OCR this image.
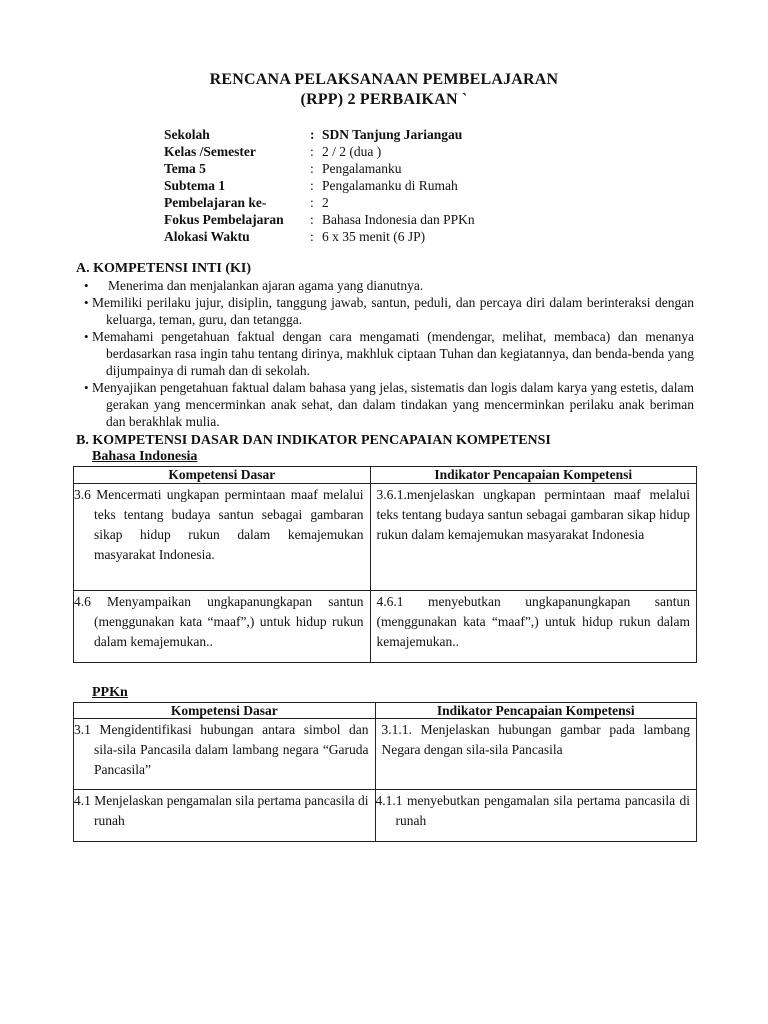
RENCANA PELAKSANAAN PEMBELAJARAN
(RPP) 2 PERBAIKAN `
Sekolah	:	SDN Tanjung Jariangau
Kelas /Semester	:	2 / 2 (dua )
Tema 5	:	Pengalamanku
Subtema 1	:	Pengalamanku di Rumah
Pembelajaran ke-	:	2
Fokus Pembelajaran	:	Bahasa Indonesia dan PPKn
Alokasi Waktu	:	6 x 35 menit (6 JP)
A. KOMPETENSI INTI (KI)
•	Menerima dan menjalankan ajaran agama yang dianutnya.
• Memiliki perilaku jujur, disiplin, tanggung jawab, santun, peduli, dan percaya diri dalam berinteraksi dengan keluarga, teman, guru, dan tetangga.
• Memahami pengetahuan faktual dengan cara mengamati (mendengar, melihat, membaca) dan menanya berdasarkan rasa ingin tahu tentang dirinya, makhluk ciptaan Tuhan dan kegiatannya, dan benda-benda yang dijumpainya di rumah dan di sekolah.
• Menyajikan pengetahuan faktual dalam bahasa yang jelas, sistematis dan logis dalam karya yang estetis, dalam gerakan yang mencerminkan anak sehat, dan dalam tindakan yang mencerminkan perilaku anak beriman dan berakhlak mulia.
B. KOMPETENSI DASAR DAN INDIKATOR PENCAPAIAN KOMPETENSI
Bahasa Indonesia
Kompetensi Dasar	Indikator Pencapaian Kompetensi
3.6 Mencermati ungkapan permintaan maaf melalui teks tentang budaya santun sebagai gambaran sikap hidup rukun dalam kemajemukan masyarakat Indonesia.	3.6.1.menjelaskan ungkapan permintaan maaf melalui teks tentang budaya santun sebagai gambaran sikap hidup rukun dalam kemajemukan masyarakat Indonesia
4.6 Menyampaikan ungkapanungkapan santun (menggunakan kata “maaf”,) untuk hidup rukun dalam kemajemukan..	4.6.1 menyebutkan ungkapanungkapan santun (menggunakan kata “maaf”,) untuk hidup rukun dalam kemajemukan..
PPKn
Kompetensi Dasar	Indikator Pencapaian Kompetensi
3.1 Mengidentifikasi hubungan antara simbol dan sila-sila Pancasila dalam lambang negara “Garuda Pancasila”	3.1.1. Menjelaskan hubungan gambar pada lambang Negara dengan sila-sila Pancasila
4.1 Menjelaskan pengamalan sila pertama pancasila di runah	4.1.1 menyebutkan pengamalan sila pertama pancasila di runah
